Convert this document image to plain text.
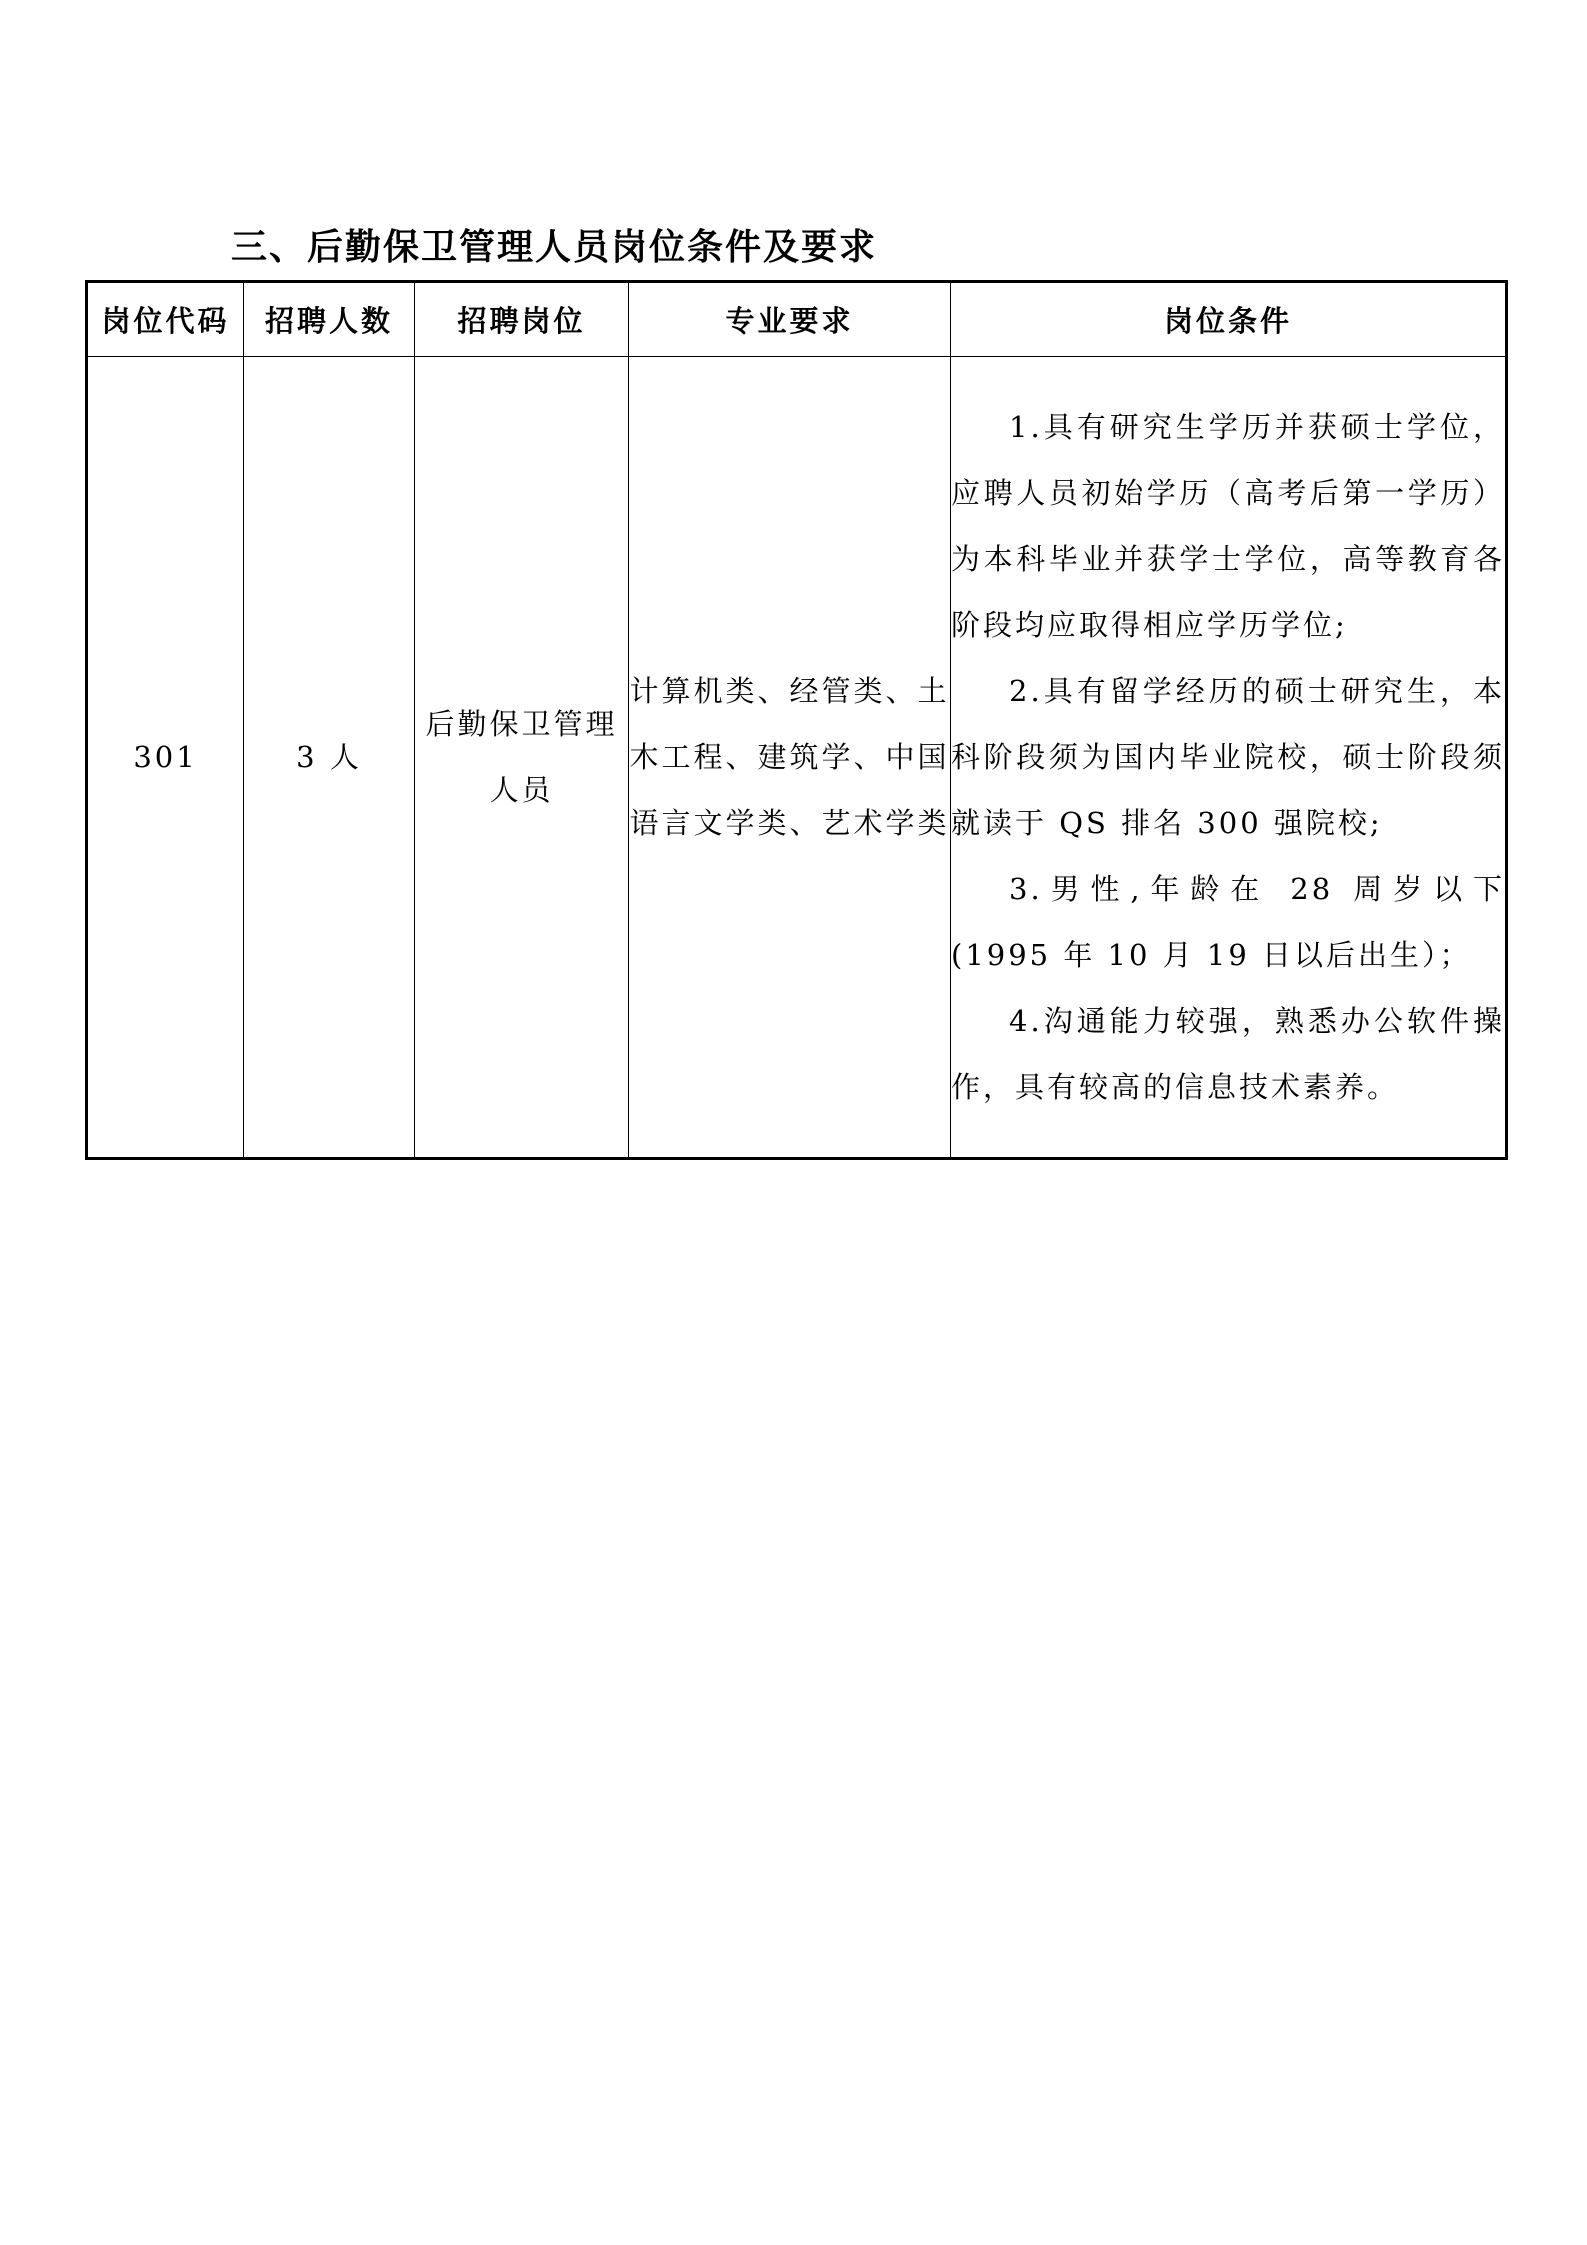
三、后勤保卫管理人员岗位条件及要求
岗位代码	招聘人数	招聘岗位	专业要求	岗位条件
301	3 人	后勤保卫管理人员	计算机类、经管类、土木工程、建筑学、中国语言文学类、艺术学类	1.具有研究生学历并获硕士学位，应聘人员初始学历（高考后第一学历）为本科毕业并获学士学位，高等教育各阶段均应取得相应学历学位;

2.具有留学经历的硕士研究生，本科阶段须为国内毕业院校，硕士阶段须就读于 QS 排名 300 强院校;

3.男性,年龄在 28 周岁以下(1995 年 10 月 19 日以后出生）；

4.沟通能力较强，熟悉办公软件操作，具有较高的信息技术素养。
